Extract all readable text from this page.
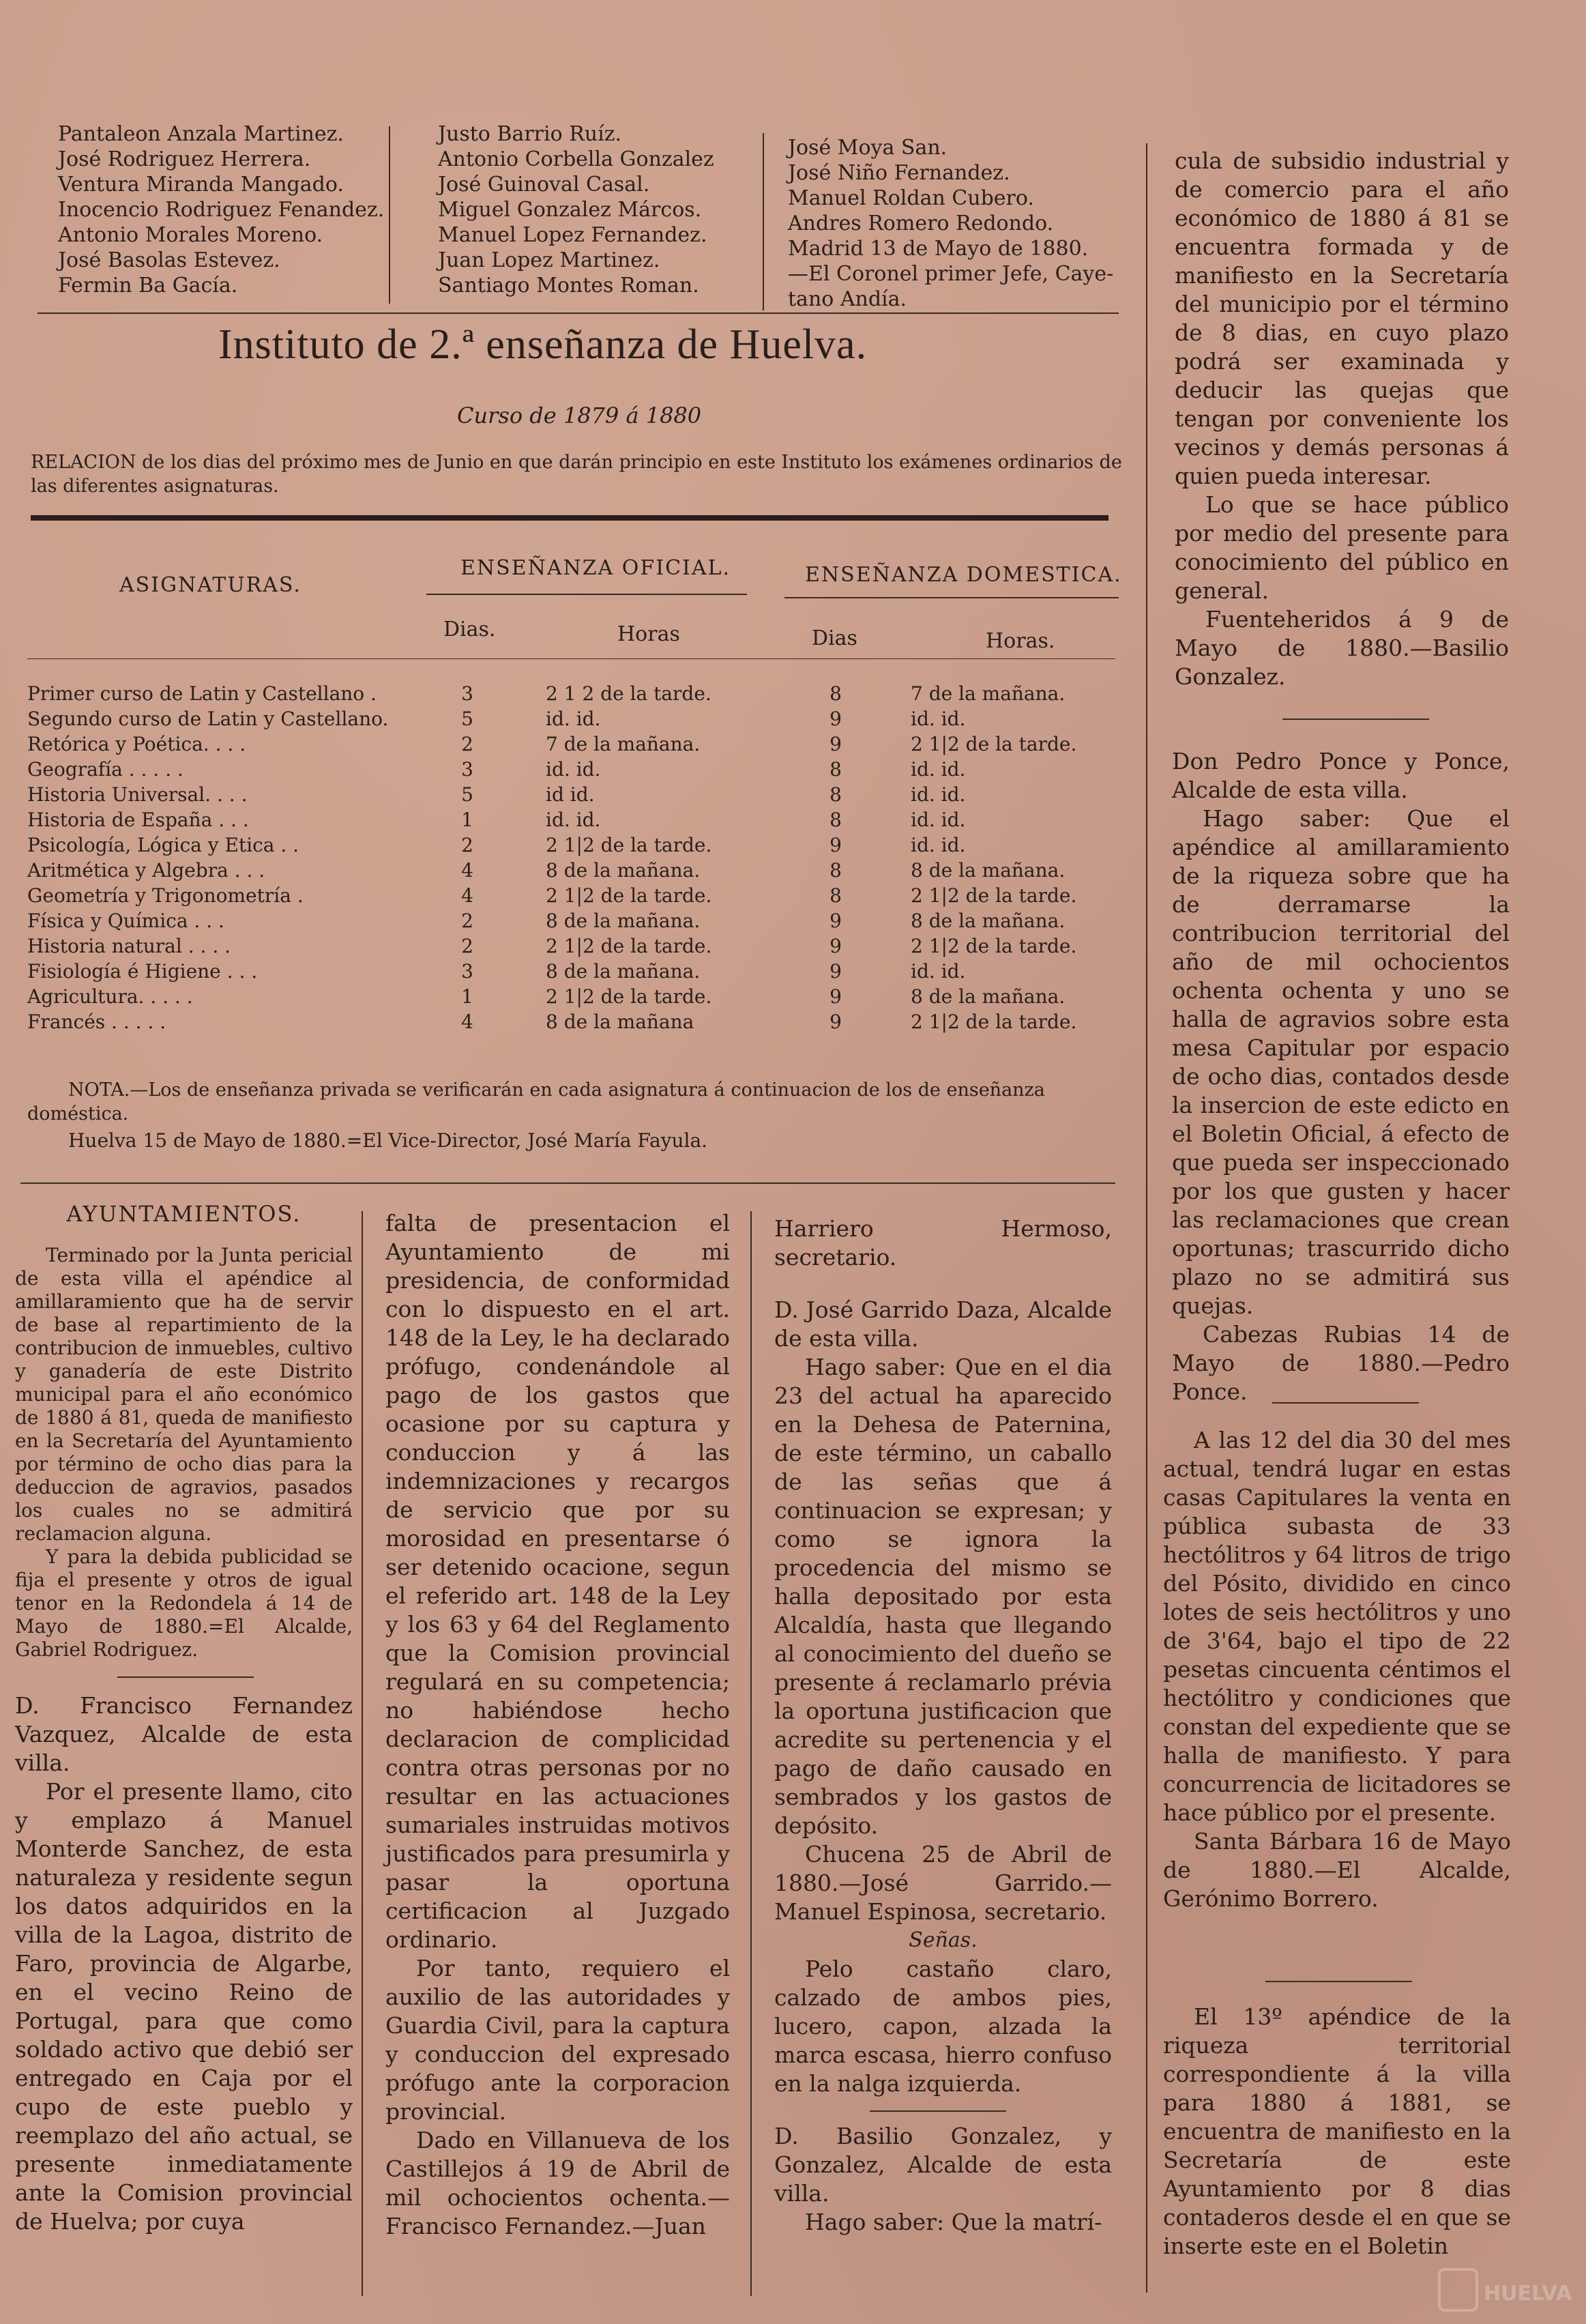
Pantaleon Anzala Martinez.
José Rodriguez Herrera.
Ventura Miranda Mangado.
Inocencio Rodriguez Fenandez.
Antonio Morales Moreno.
José Basolas Estevez.
Fermin Ba Gacía.
Justo Barrio Ruíz.
Antonio Corbella Gonzalez
José Guinoval Casal.
Miguel Gonzalez Márcos.
Manuel Lopez Fernandez.
Juan Lopez Martinez.
Santiago Montes Roman.
José Moya San.
José Niño Fernandez.
Manuel Roldan Cubero.
Andres Romero Redondo.
Madrid 13 de Mayo de 1880.
—El Coronel primer Jefe, Caye-
tano Andía.
Instituto de 2.ª enseñanza de Huelva.
Curso de 1879 á 1880
RELACION de los dias del próximo mes de Junio en que darán principio en este Instituto los exámenes ordinarios de las diferentes asignaturas.
ASIGNATURAS.
ENSEÑANZA OFICIAL.	ENSEÑANZA DOMESTICA.
Dias.	Horas	Dias	Horas.
Primer curso de Latin y Castellano .	3	2 1 2 de la tarde.	8	7 de la mañana.
Segundo curso de Latin y Castellano.	5	id. id.	9	id. id.
Retórica y Poética. . . .	2	7 de la mañana.	9	2 1|2 de la tarde.
Geografía . . . . .	3	id. id.	8	id. id.
Historia Universal. . . .	5	id id.	8	id. id.
Historia de España . . .	1	id. id.	8	id. id.
Psicología, Lógica y Etica . .	2	2 1|2 de la tarde.	9	id. id.
Aritmética y Algebra . . .	4	8 de la mañana.	8	8 de la mañana.
Geometría y Trigonometría .	4	2 1|2 de la tarde.	8	2 1|2 de la tarde.
Física y Química . . .	2	8 de la mañana.	9	8 de la mañana.
Historia natural . . . .	2	2 1|2 de la tarde.	9	2 1|2 de la tarde.
Fisiología é Higiene . . .	3	8 de la mañana.	9	id. id.
Agricultura. . . . .	1	2 1|2 de la tarde.	9	8 de la mañana.
Francés . . . . .	4	8 de la mañana	9	2 1|2 de la tarde.
NOTA.—Los de enseñanza privada se verificarán en cada asignatura á continuacion de los de enseñanza doméstica.
Huelva 15 de Mayo de 1880.=El Vice-Director, José María Fayula.

cula de subsidio industrial y de comercio para el año económico de 1880 á 81 se encuentra formada y de manifiesto en la Secretaría del municipio por el término de 8 dias, en cuyo plazo podrá ser examinada y deducir las quejas que tengan por conveniente los vecinos y demás personas á quien pueda interesar.

Lo que se hace público por medio del presente para conocimiento del público en general.

Fuenteheridos á 9 de Mayo de 1880.—Basilio Gonzalez.

Don Pedro Ponce y Ponce, Alcalde de esta villa.

Hago saber: Que el apéndice al amillaramiento de la riqueza sobre que ha de derramarse la contribucion territorial del año de mil ochocientos ochenta ochenta y uno se halla de agravios sobre esta mesa Capitular por espacio de ocho dias, contados desde la insercion de este edicto en el Boletin Oficial, á efecto de que pueda ser inspeccionado por los que gusten y hacer las reclamaciones que crean oportunas; trascurrido dicho plazo no se admitirá sus quejas.

Cabezas Rubias 14 de Mayo de 1880.—Pedro Ponce.

A las 12 del dia 30 del mes actual, tendrá lugar en estas casas Capitulares la venta en pública subasta de 33 hectólitros y 64 litros de trigo del Pósito, dividido en cinco lotes de seis hectólitros y uno de 3'64, bajo el tipo de 22 pesetas cincuenta céntimos el hectólitro y condiciones que constan del expediente que se halla de manifiesto. Y para concurrencia de licitadores se hace público por el presente.

Santa Bárbara 16 de Mayo de 1880.—El Alcalde, Gerónimo Borrero.

El 13º apéndice de la riqueza territorial correspondiente á la villa para 1880 á 1881, se encuentra de manifiesto en la Secretaría de este Ayuntamiento por 8 dias contaderos desde el en que se inserte este en el Boletin

AYUNTAMIENTOS.

Terminado por la Junta pericial de esta villa el apéndice al amillaramiento que ha de servir de base al repartimiento de la contribucion de inmuebles, cultivo y ganadería de este Distrito municipal para el año económico de 1880 á 81, queda de manifiesto en la Secretaría del Ayuntamiento por término de ocho dias para la deduccion de agravios, pasados los cuales no se admitirá reclamacion alguna.

Y para la debida publicidad se fija el presente y otros de igual tenor en la Redondela á 14 de Mayo de 1880.=El Alcalde, Gabriel Rodriguez.

D. Francisco Fernandez Vazquez, Alcalde de esta villa.

Por el presente llamo, cito y emplazo á Manuel Monterde Sanchez, de esta naturaleza y residente segun los datos adquiridos en la villa de la Lagoa, distrito de Faro, provincia de Algarbe, en el vecino Reino de Portugal, para que como soldado activo que debió ser entregado en Caja por el cupo de este pueblo y reemplazo del año actual, se presente inmediatamente ante la Comision provincial de Huelva; por cuya

falta de presentacion el Ayuntamiento de mi presidencia, de conformidad con lo dispuesto en el art. 148 de la Ley, le ha declarado prófugo, condenándole al pago de los gastos que ocasione por su captura y conduccion y á las indemnizaciones y recargos de servicio que por su morosidad en presentarse ó ser detenido ocacione, segun el referido art. 148 de la Ley y los 63 y 64 del Reglamento que la Comision provincial regulará en su competencia; no habiéndose hecho declaracion de complicidad contra otras personas por no resultar en las actuaciones sumariales instruidas motivos justificados para presumirla y pasar la oportuna certificacion al Juzgado ordinario.

Por tanto, requiero el auxilio de las autoridades y Guardia Civil, para la captura y conduccion del expresado prófugo ante la corporacion provincial.

Dado en Villanueva de los Castillejos á 19 de Abril de mil ochocientos ochenta.—Francisco Fernandez.—Juan

Harriero Hermoso, secretario.

D. José Garrido Daza, Alcalde de esta villa.

Hago saber: Que en el dia 23 del actual ha aparecido en la Dehesa de Paternina, de este término, un caballo de las señas que á continuacion se expresan; y como se ignora la procedencia del mismo se halla depositado por esta Alcaldía, hasta que llegando al conocimiento del dueño se presente á reclamarlo prévia la oportuna justificacion que acredite su pertenencia y el pago de daño causado en sembrados y los gastos de depósito.

Chucena 25 de Abril de 1880.—José Garrido.—Manuel Espinosa, secretario.

Señas.

Pelo castaño claro, calzado de ambos pies, lucero, capon, alzada la marca escasa, hierro confuso en la nalga izquierda.

D. Basilio Gonzalez, y Gonzalez, Alcalde de esta villa.

Hago saber: Que la matrí-

HUELVA
